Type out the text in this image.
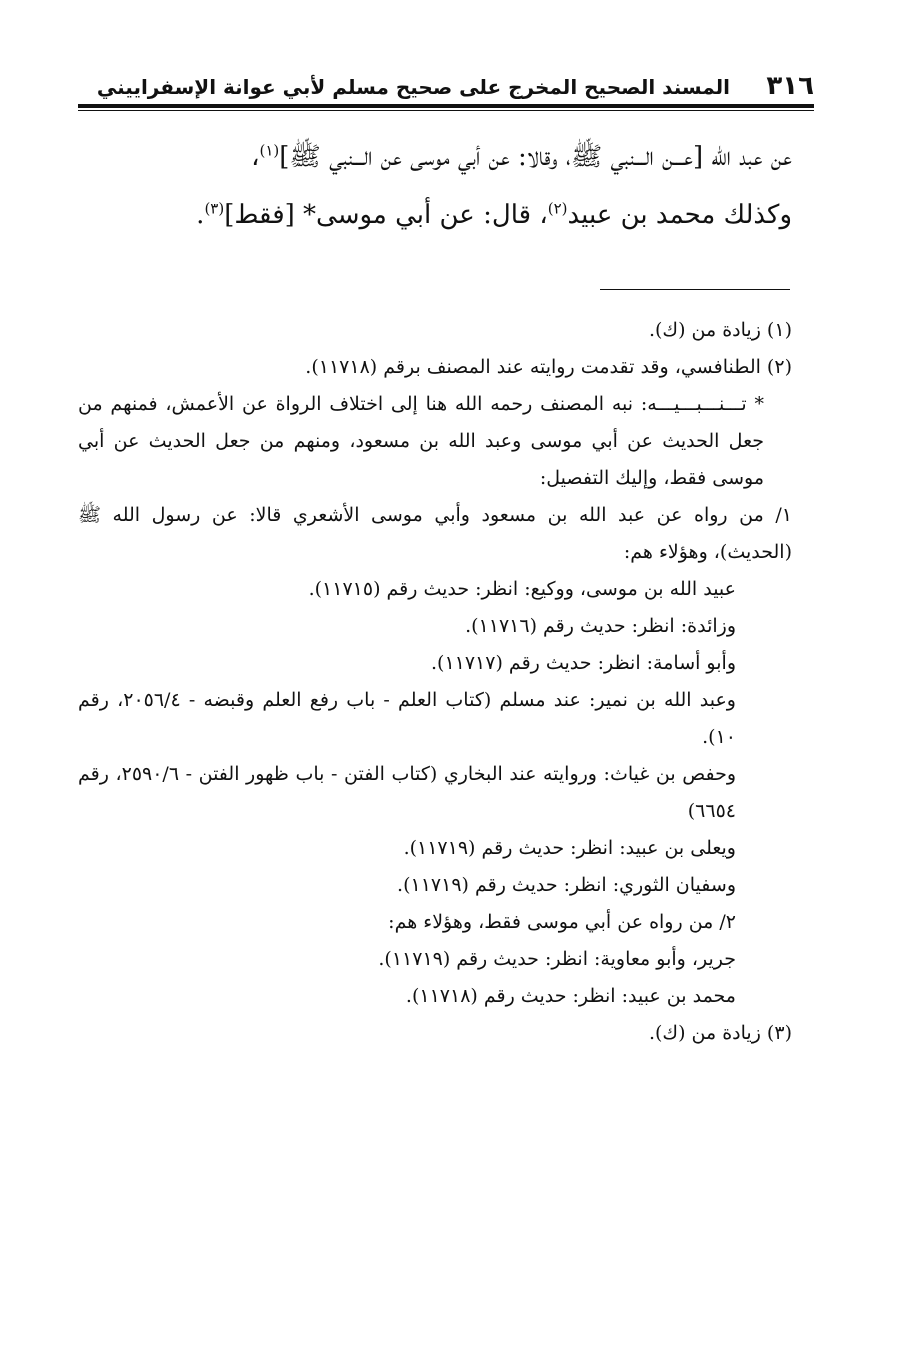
٣١٦
المسند الصحيح المخرج على صحيح مسلم لأبي عوانة الإسفراييني

عن عبد الله [عـــن الـــنبي ﷺ، وقالا: عن أبي موسى عن الـــنبي ﷺ]$^{(١)}$،

وكذلك محمد بن عبيد$^{(٢)}$، قال: عن أبي موسى* [فقط]$^{(٣)}$.

(١) زيادة من (ك).

(٢) الطنافسي، وقد تقدمت روايته عند المصنف برقم (١١٧١٨).

* تـــنـــبـــيـــه: نبه المصنف رحمه الله هنا إلى اختلاف الرواة عن الأعمش، فمنهم من جعل الحديث عن أبي موسى وعبد الله بن مسعود، ومنهم من جعل الحديث عن أبي موسى فقط، وإليك التفصيل:

١/ من رواه عن عبد الله بن مسعود وأبي موسى الأشعري قالا: عن رسول الله ﷺ (الحديث)، وهؤلاء هم:

عبيد الله بن موسى، ووكيع: انظر: حديث رقم (١١٧١٥).

وزائدة: انظر: حديث رقم (١١٧١٦).

وأبو أسامة: انظر: حديث رقم (١١٧١٧).

وعبد الله بن نمير: عند مسلم (كتاب العلم - باب رفع العلم وقبضه - ٢٠٥٦/٤، رقم ١٠).

وحفص بن غياث: وروايته عند البخاري (كتاب الفتن - باب ظهور الفتن - ٢٥٩٠/٦، رقم ٦٦٥٤)

ويعلى بن عبيد: انظر: حديث رقم (١١٧١٩).

وسفيان الثوري: انظر: حديث رقم (١١٧١٩).

٢/ من رواه عن أبي موسى فقط، وهؤلاء هم:

جرير، وأبو معاوية: انظر: حديث رقم (١١٧١٩).

محمد بن عبيد: انظر: حديث رقم (١١٧١٨).

(٣) زيادة من (ك).
